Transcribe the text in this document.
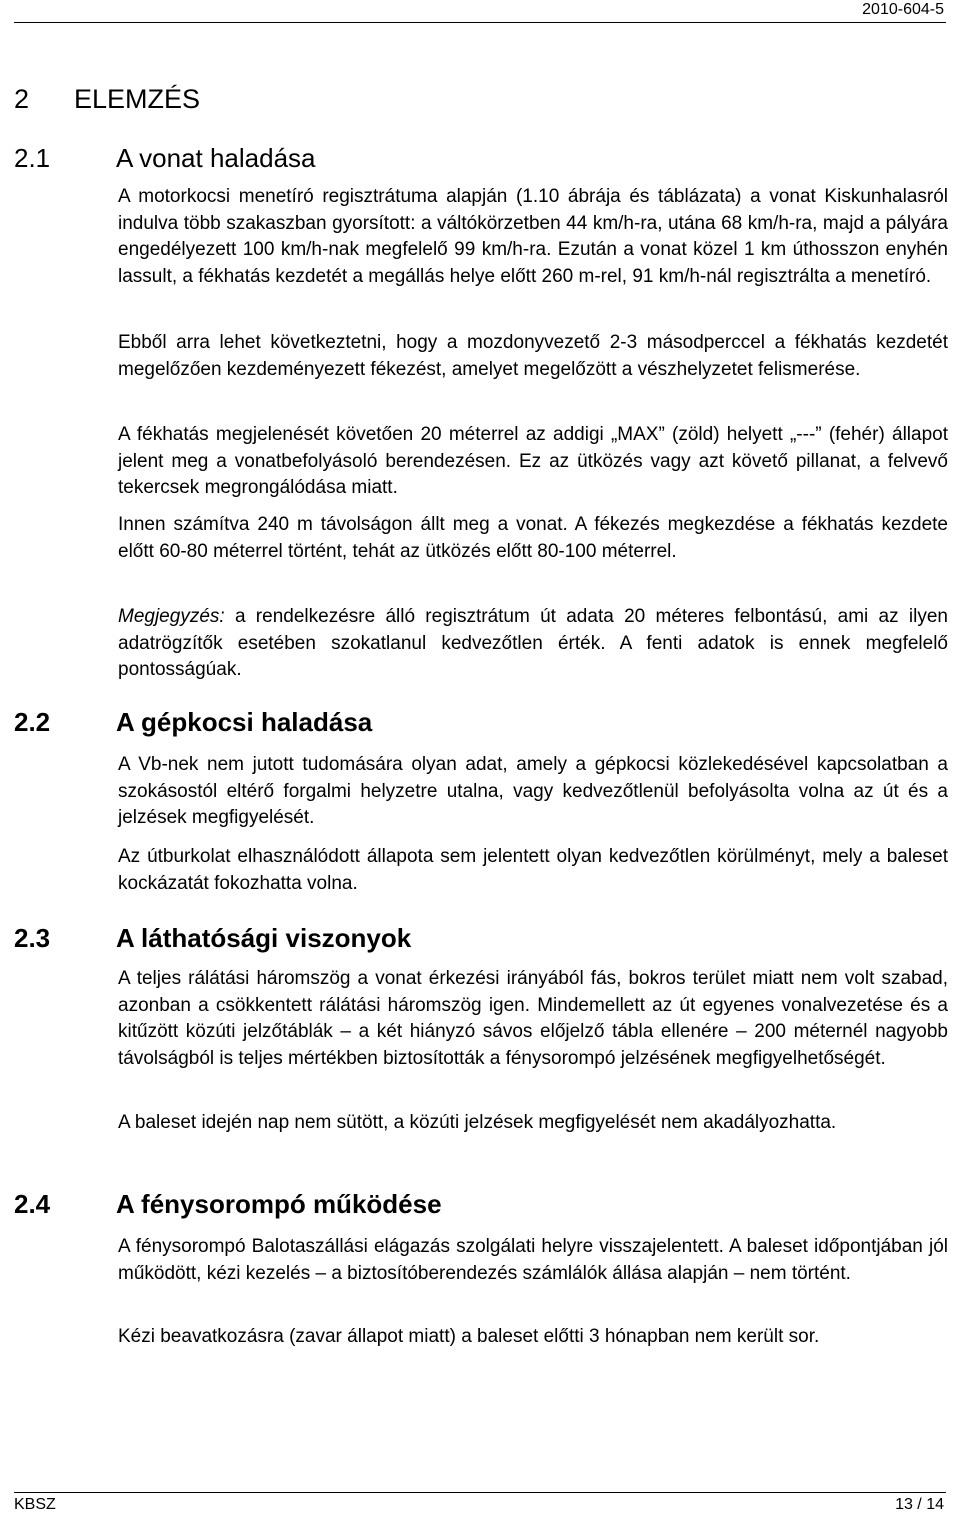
2010-604-5
2 ELEMZÉS
2.1	A vonat haladása

A motorkocsi menetíró regisztrátuma alapján (1.10 ábrája és táblázata) a vonat Kiskunhalasról indulva több szakaszban gyorsított: a váltókörzetben 44 km/h-ra, utána 68 km/h-ra, majd a pályára engedélyezett 100 km/h-nak megfelelő 99 km/h-ra. Ezután a vonat közel 1 km úthosszon enyhén lassult, a fékhatás kezdetét a megállás helye előtt 260 m-rel, 91 km/h-nál regisztrálta a menetíró.

Ebből arra lehet következtetni, hogy a mozdonyvezető 2-3 másodperccel a fékhatás kezdetét megelőzően kezdeményezett fékezést, amelyet megelőzött a vészhelyzetet felismerése.

A fékhatás megjelenését követően 20 méterrel az addigi „MAX” (zöld) helyett „---” (fehér) állapot jelent meg a vonatbefolyásoló berendezésen. Ez az ütközés vagy azt követő pillanat, a felvevő tekercsek megrongálódása miatt.

Innen számítva 240 m távolságon állt meg a vonat. A fékezés megkezdése a fékhatás kezdete előtt 60-80 méterrel történt, tehát az ütközés előtt 80-100 méterrel.

Megjegyzés: a rendelkezésre álló regisztrátum út adata 20 méteres felbontású, ami az ilyen adatrögzítők esetében szokatlanul kedvezőtlen érték. A fenti adatok is ennek megfelelő pontosságúak.

2.2	A gépkocsi haladása

A Vb-nek nem jutott tudomására olyan adat, amely a gépkocsi közlekedésével kapcsolatban a szokásostól eltérő forgalmi helyzetre utalna, vagy kedvezőtlenül befolyásolta volna az út és a jelzések megfigyelését.

Az útburkolat elhasználódott állapota sem jelentett olyan kedvezőtlen körülményt, mely a baleset kockázatát fokozhatta volna.

2.3	A láthatósági viszonyok

A teljes rálátási háromszög a vonat érkezési irányából fás, bokros terület miatt nem volt szabad, azonban a csökkentett rálátási háromszög igen. Mindemellett az út egyenes vonalvezetése és a kitűzött közúti jelzőtáblák – a két hiányzó sávos előjelző tábla ellenére – 200 méternél nagyobb távolságból is teljes mértékben biztosították a fénysorompó jelzésének megfigyelhetőségét.

A baleset idején nap nem sütött, a közúti jelzések megfigyelését nem akadályozhatta.

2.4	A fénysorompó működése

A fénysorompó Balotaszállási elágazás szolgálati helyre visszajelentett. A baleset időpontjában jól működött, kézi kezelés – a biztosítóberendezés számlálók állása alapján – nem történt.

Kézi beavatkozásra (zavar állapot miatt) a baleset előtti 3 hónapban nem került sor.

KBSZ	13 / 14
